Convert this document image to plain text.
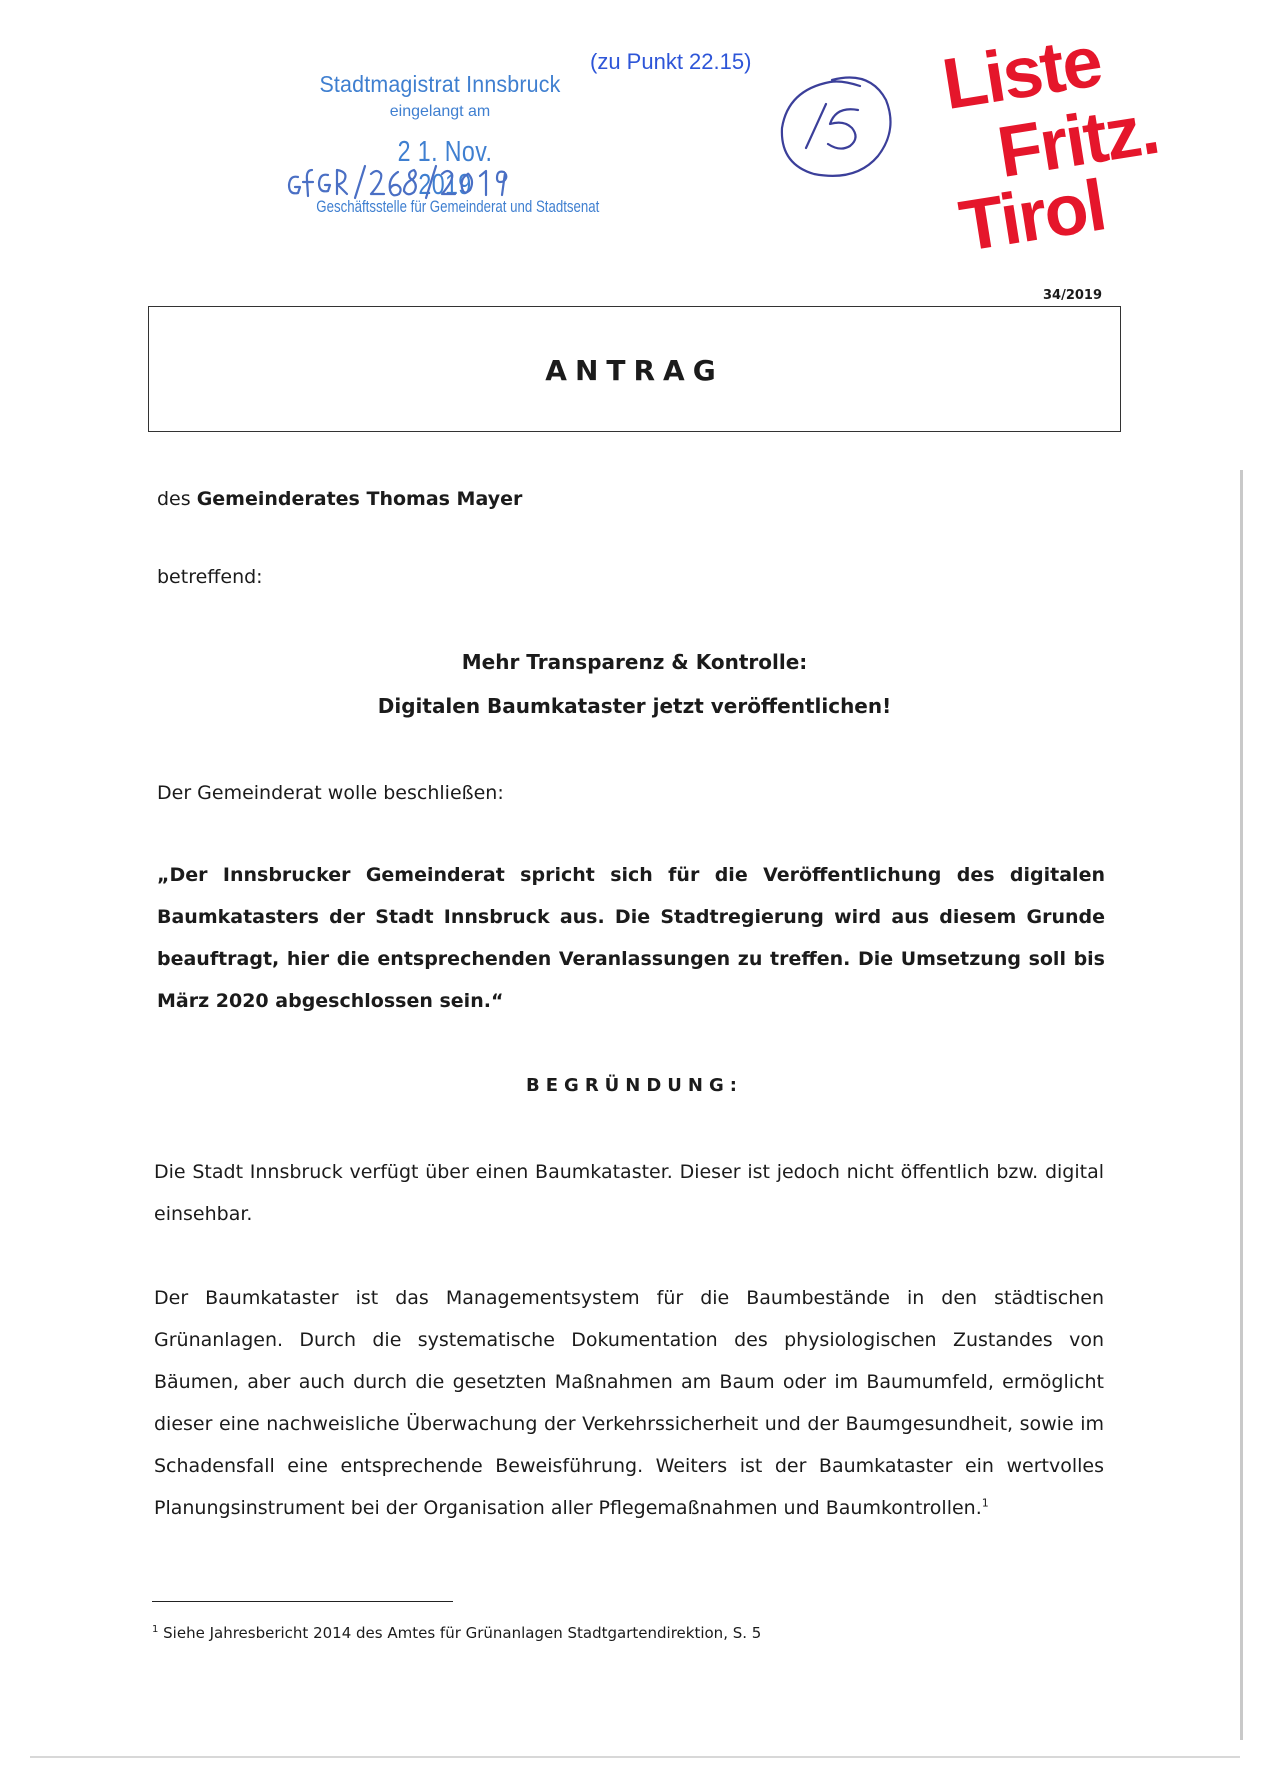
Stadtmagistrat Innsbruck
eingelangt am
2 1. Nov. 2019
Geschäftsstelle für Gemeinderat und Stadtsenat
(zu Punkt 22.15)	Liste
Fritz.
Tirol
34/2019
ANTRAG
des Gemeinderates Thomas Mayer
betreffend:
Mehr Transparenz & Kontrolle:
Digitalen Baumkataster jetzt veröffentlichen!
Der Gemeinderat wolle beschließen:
„Der Innsbrucker Gemeinderat spricht sich für die Veröffentlichung des digitalen Baumkatasters der Stadt Innsbruck aus. Die Stadtregierung wird aus diesem Grunde beauftragt, hier die entsprechenden Veranlassungen zu treffen. Die Umsetzung soll bis März 2020 abgeschlossen sein.“
BEGRÜNDUNG:
Die Stadt Innsbruck verfügt über einen Baumkataster. Dieser ist jedoch nicht öffentlich bzw. digital einsehbar.
Der Baumkataster ist das Managementsystem für die Baumbestände in den städtischen Grünanlagen. Durch die systematische Dokumentation des physiologischen Zustandes von Bäumen, aber auch durch die gesetzten Maßnahmen am Baum oder im Baumumfeld, ermöglicht dieser eine nachweisliche Überwachung der Verkehrssicherheit und der Baumgesundheit, sowie im Schadensfall eine entsprechende Beweisführung. Weiters ist der Baumkataster ein wertvolles Planungsinstrument bei der Organisation aller Pflegemaßnahmen und Baumkontrollen.$^1$
$^1$ Siehe Jahresbericht 2014 des Amtes für Grünanlagen Stadtgartendirektion, S. 5
